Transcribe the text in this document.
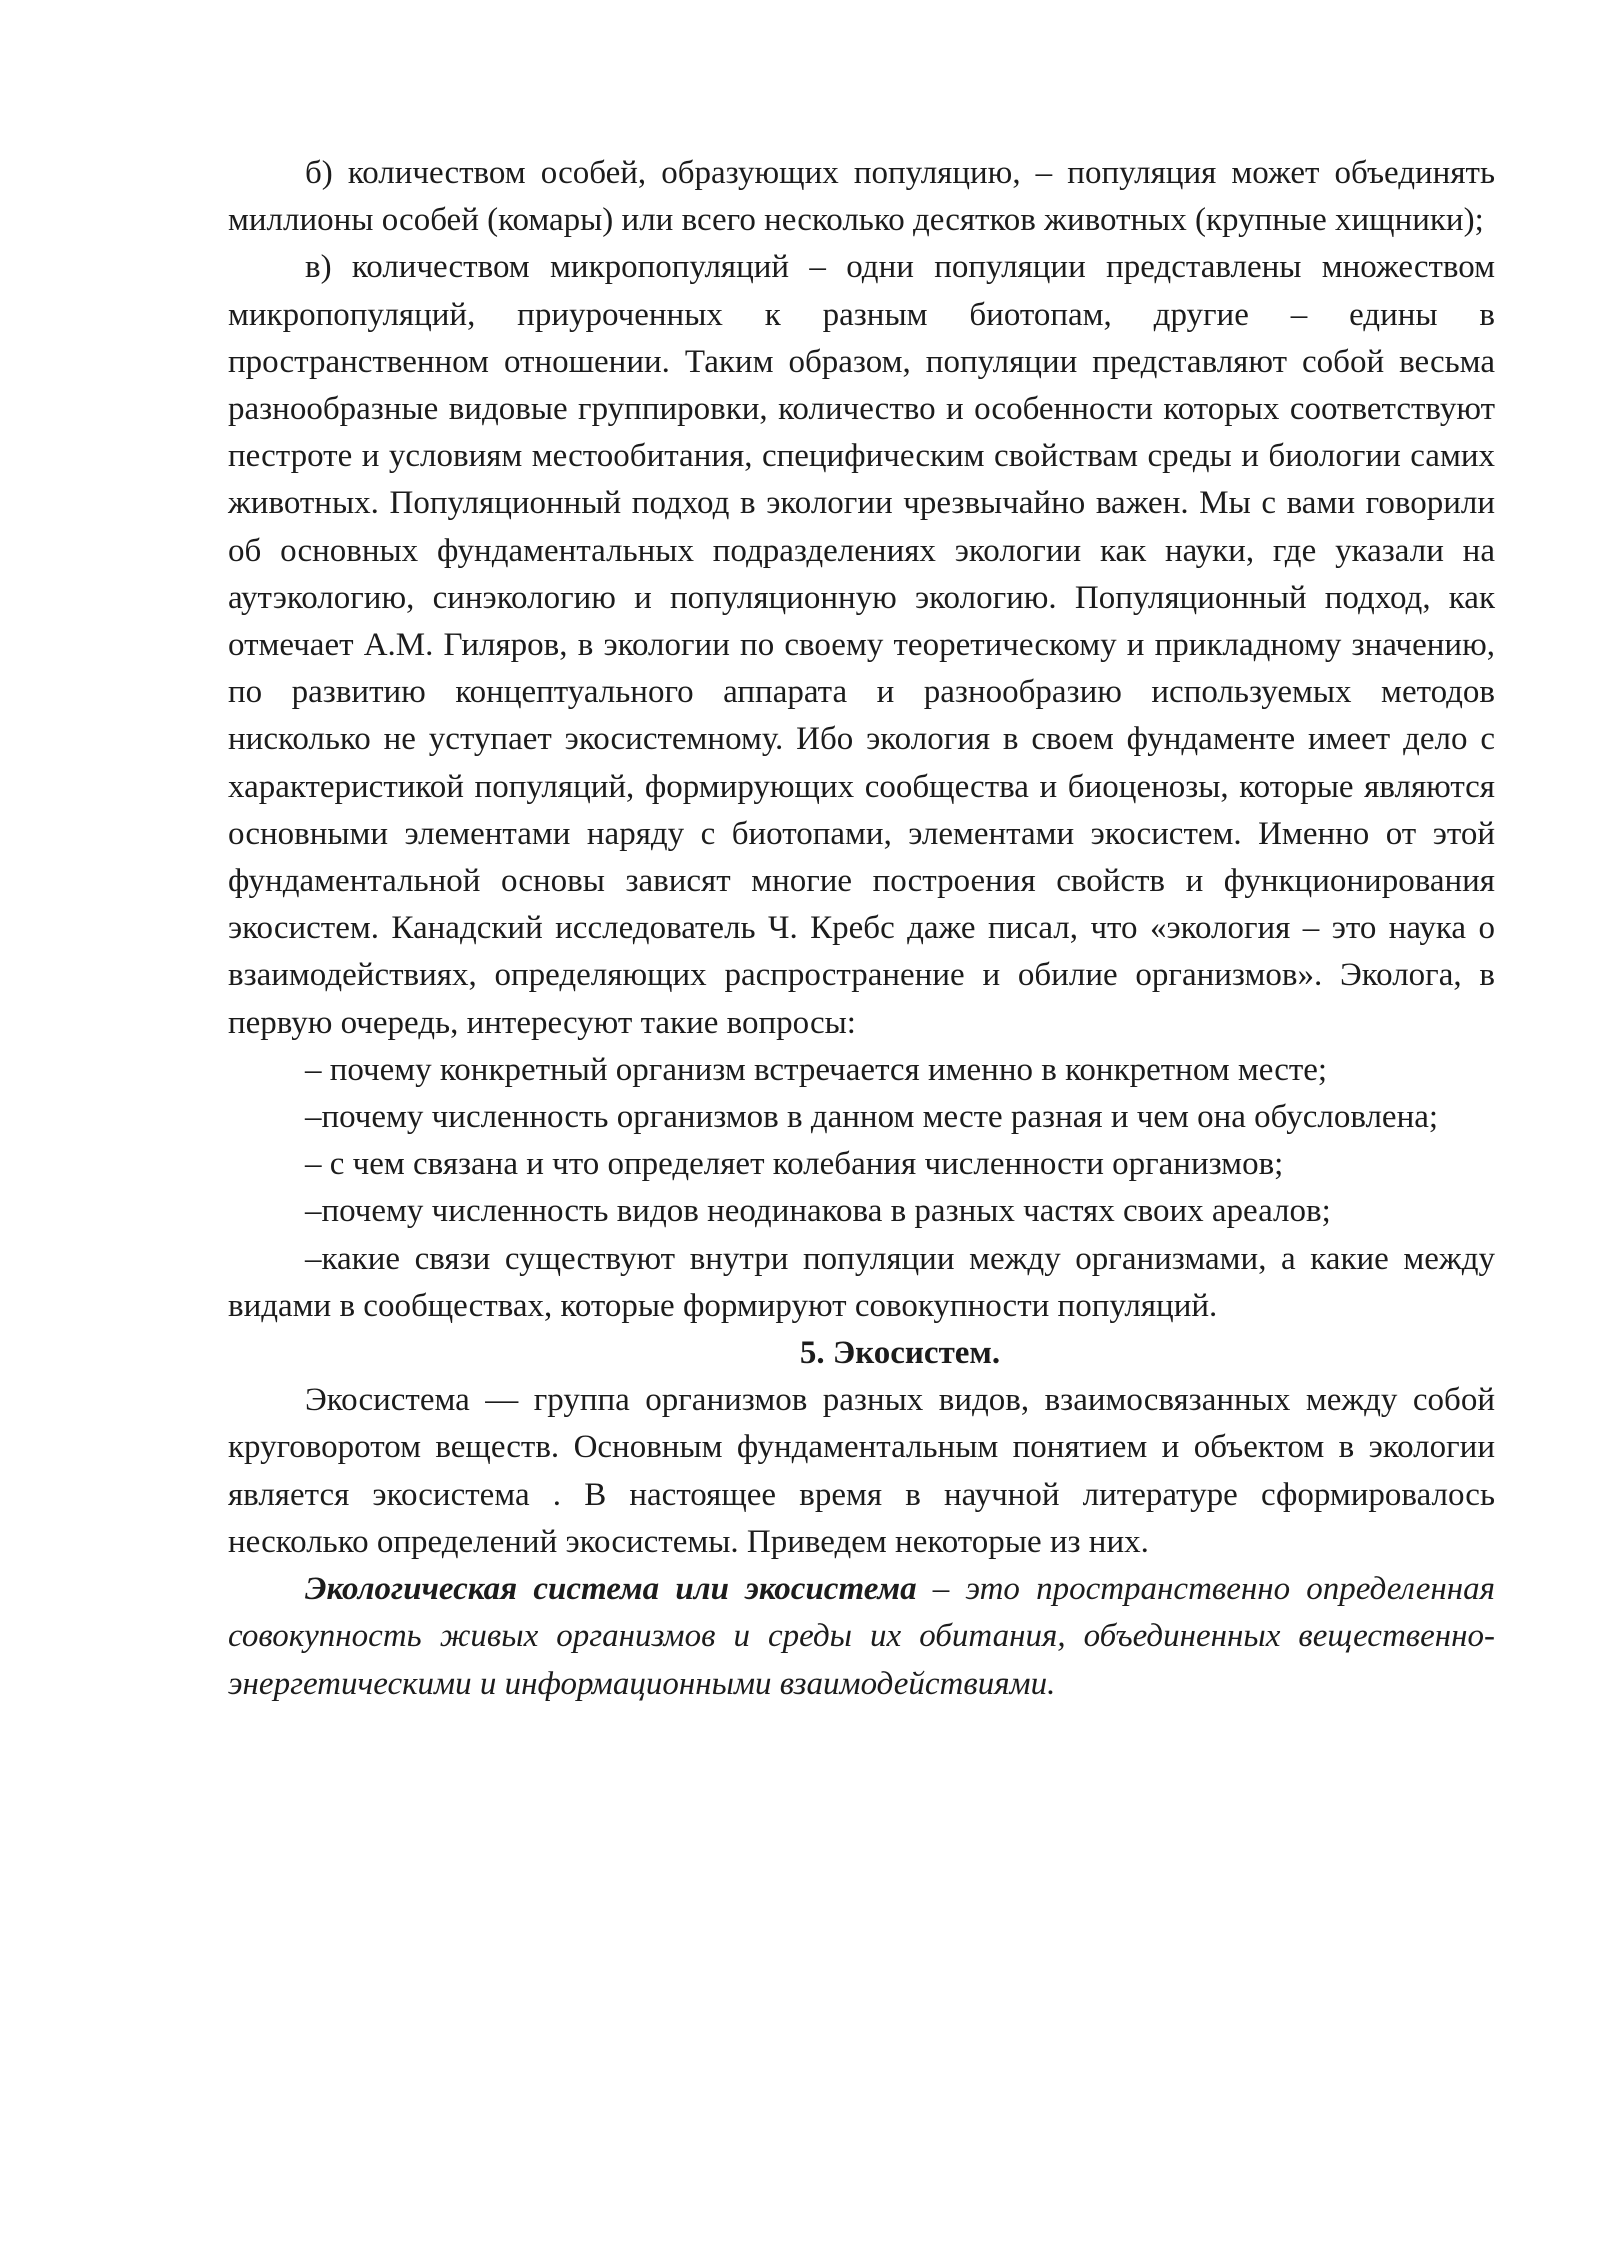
б) количеством особей, образующих популяцию, – популяция может объединять миллионы особей (комары) или всего несколько десятков животных (крупные хищники);

в) количеством микропопуляций – одни популяции представлены множеством микропопуляций, приуроченных к разным биотопам, другие – едины в пространственном отношении. Таким образом, популяции представляют собой весьма разнообразные видовые группировки, количество и особенности которых соответствуют пестроте и условиям местообитания, специфическим свойствам среды и биологии самих животных. Популяционный подход в экологии чрезвычайно важен. Мы с вами говорили об основных фундаментальных подразделениях экологии как науки, где указали на аутэкологию, синэкологию и популяционную экологию. Популяционный подход, как отмечает А.М. Гиляров, в экологии по своему теоретическому и прикладному значению, по развитию концептуального аппарата и разнообразию используемых методов нисколько не уступает экосистемному. Ибо экология в своем фундаменте имеет дело с характеристикой популяций, формирующих сообщества и биоценозы, которые являются основными элементами наряду с биотопами, элементами экосистем. Именно от этой фундаментальной основы зависят многие построения свойств и функционирования экосистем. Канадский исследователь Ч. Кребс даже писал, что «экология – это наука о взаимодействиях, определяющих распространение и обилие организмов». Эколога, в первую очередь, интересуют такие вопросы:

– почему конкретный организм встречается именно в конкретном месте;

–почему численность организмов в данном месте разная и чем она обусловлена;

– с чем связана и что определяет колебания численности организмов;

–почему численность видов неодинакова в разных частях своих ареалов;

–какие связи существуют внутри популяции между организмами, а какие между видами в сообществах, которые формируют совокупности популяций.

5. Экосистем.

Экосистема — группа организмов разных видов, взаимосвязанных между собой круговоротом веществ. Основным фундаментальным понятием и объектом в экологии является экосистема . В настоящее время в научной литературе сформировалось несколько определений экосистемы. Приведем некоторые из них.

Экологическая система или экосистема – это пространственно определенная совокупность живых организмов и среды их обитания, объединенных вещественно-энергетическими и информационными взаимодействиями.
